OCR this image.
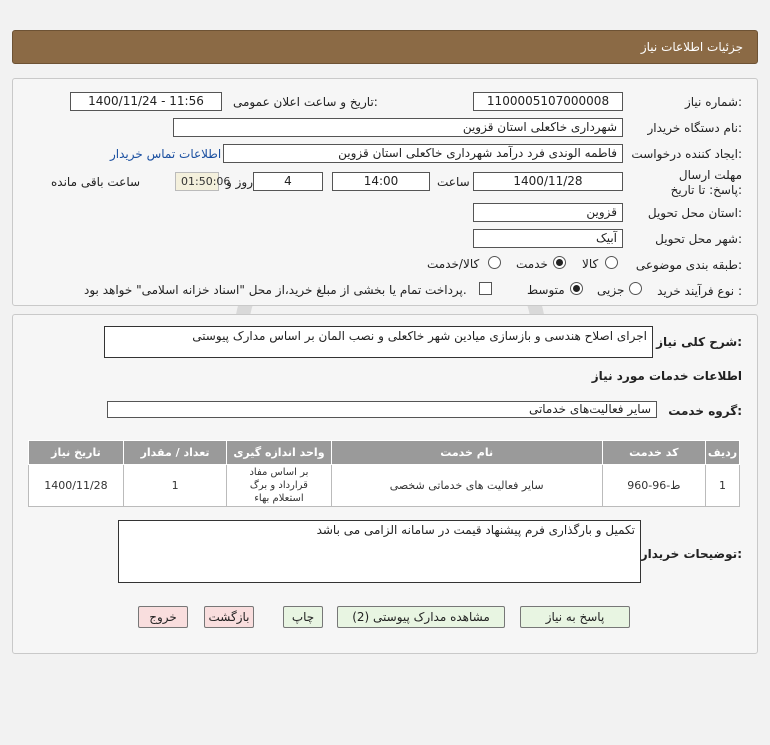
جزئیات اطلاعات نیاز
شماره نیاز:
1100005107000008
تاریخ و ساعت اعلان عمومی:
1400/11/24 - 11:56
نام دستگاه خریدار:
شهرداری خاکعلی استان قزوین
ایجاد کننده درخواست:
فاطمه الوندی فرد درآمد شهرداری خاکعلی استان قزوین
اطلاعات تماس خریدار
مهلت ارسال پاسخ: تا تاریخ:
1400/11/28
ساعت
14:00
4
روز و
01:50:06
ساعت باقی مانده
استان محل تحویل:
قزوین
شهر محل تحویل:
آبیک
طبقه بندی موضوعی:
کالا
خدمت
کالا/خدمت
نوع فرآیند خرید :
جزیی
متوسط
پرداخت تمام یا بخشی از مبلغ خرید،از محل "اسناد خزانه اسلامی" خواهد بود.
شرح کلی نیاز:
اجرای اصلاح هندسی و بازسازی میادین شهر خاکعلی و نصب المان بر اساس مدارک پیوستی
اطلاعات خدمات مورد نیاز
گروه خدمت:
سایر فعالیت‌های خدماتی
تاریخ نیاز	تعداد / مقدار	واحد اندازه گیری	نام خدمت	کد خدمت	ردیف
1400/11/28	1	بر اساس مفاد قرارداد و برگ استعلام بهاء	سایر فعالیت های خدماتی شخصی	ط-96-960	1
توضیحات خریدار:
تکمیل و بارگذاری فرم پیشنهاد قیمت در سامانه الزامی می باشد
پاسخ به نیاز
مشاهده مدارک پیوستی (2)
چاپ
بازگشت
خروج
